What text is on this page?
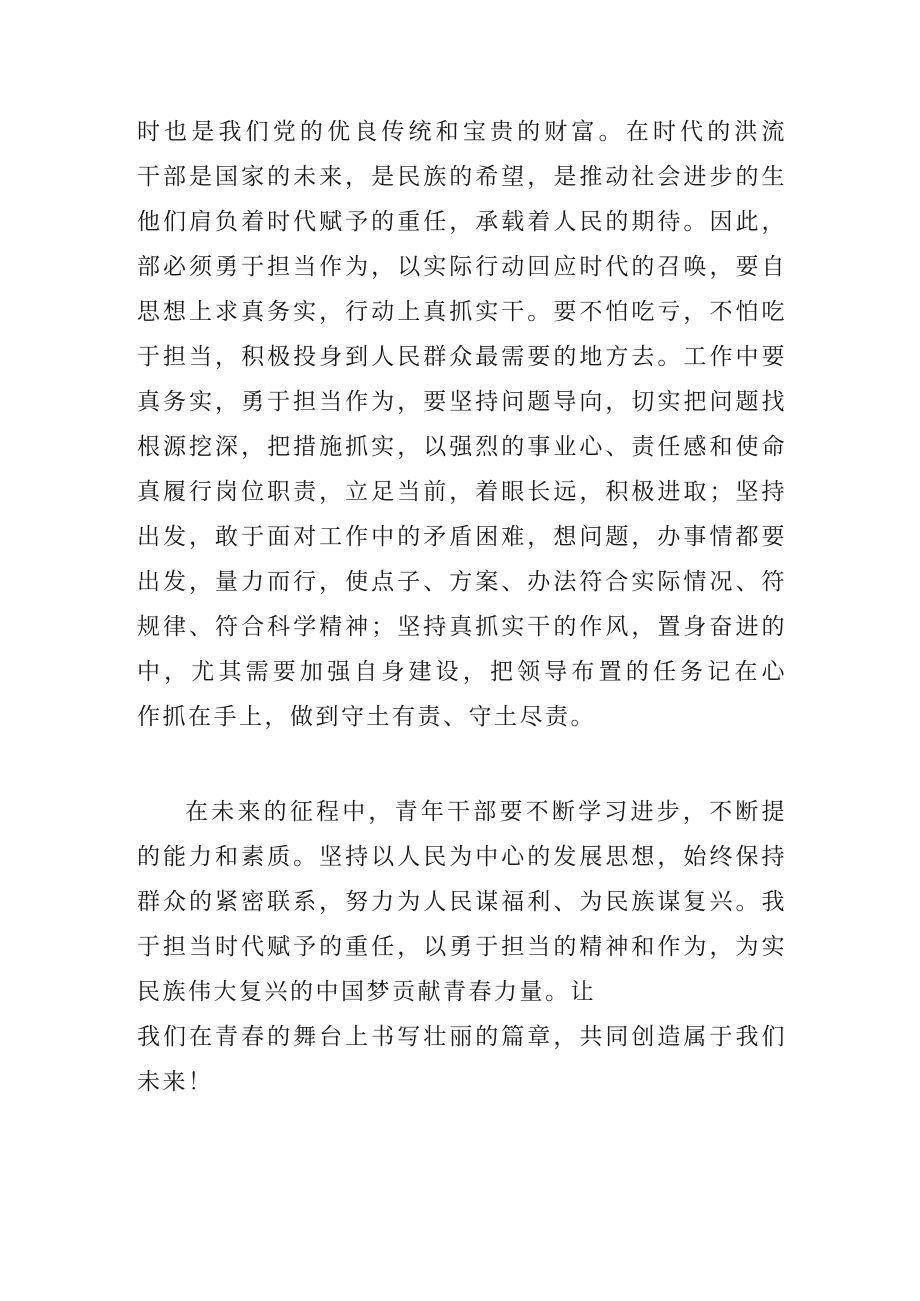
时也是我们党的优良传统和宝贵的财富。在时代的洪流
干部是国家的未来，是民族的希望，是推动社会进步的生
他们肩负着时代赋予的重任，承载着人民的期待。因此，
部必须勇于担当作为，以实际行动回应时代的召唤，要自
思想上求真务实，行动上真抓实干。要不怕吃亏，不怕吃
于担当，积极投身到人民群众最需要的地方去。工作中要
真务实，勇于担当作为，要坚持问题导向，切实把问题找
根源挖深，把措施抓实，以强烈的事业心、责任感和使命
真履行岗位职责，立足当前，着眼长远，积极进取；坚持
出发，敢于面对工作中的矛盾困难，想问题，办事情都要
出发，量力而行，使点子、方案、办法符合实际情况、符
规律、符合科学精神；坚持真抓实干的作风，置身奋进的
中，尤其需要加强自身建设，把领导布置的任务记在心
作抓在手上，做到守土有责、守土尽责。
在未来的征程中，青年干部要不断学习进步，不断提
的能力和素质。坚持以人民为中心的发展思想，始终保持
群众的紧密联系，努力为人民谋福利、为民族谋复兴。我
于担当时代赋予的重任，以勇于担当的精神和作为，为实
民族伟大复兴的中国梦贡献青春力量。让
我们在青春的舞台上书写壮丽的篇章，共同创造属于我们
未来！
